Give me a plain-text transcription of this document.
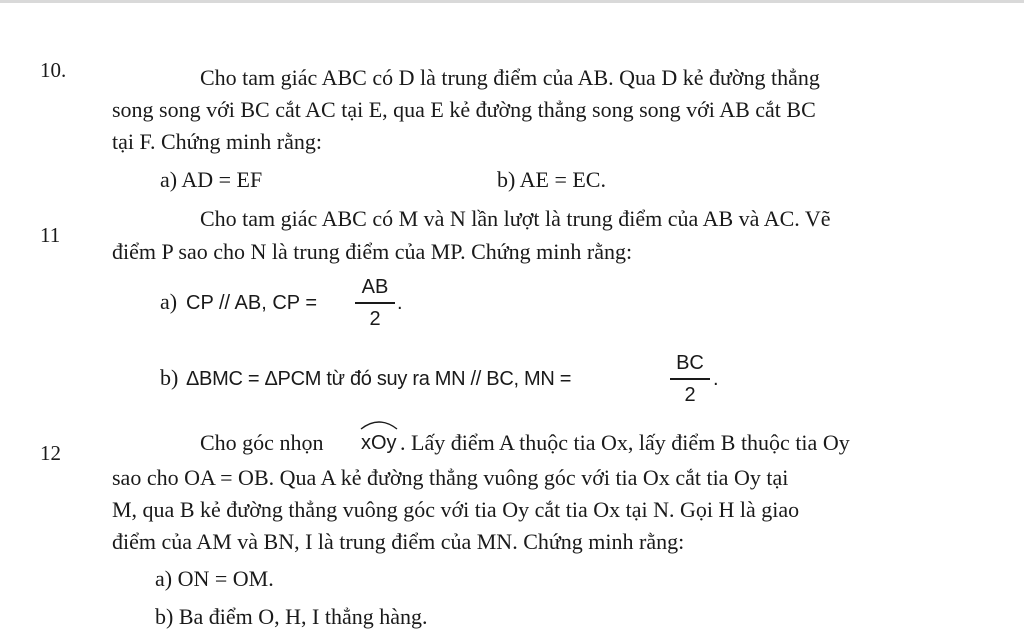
10.	Cho tam giác ABC có D là trung điểm của AB. Qua D kẻ đường thẳng
song song với BC cắt AC tại E, qua E kẻ đường thẳng song song với AB cắt BC
tại F. Chứng minh rằng:
a) AD = EF	b) AE = EC.
11
Cho tam giác ABC có M và N lần lượt là trung điểm của AB và AC. Vẽ
điểm P sao cho N là trung điểm của MP. Chứng minh rằng:
a) CP // AB, CP =
AB
2
.
b) ΔBMC = ΔPCM từ đó suy ra MN // BC, MN =
BC
2
.
12	Cho góc nhọn xOy . Lấy điểm A thuộc tia Ox, lấy điểm B thuộc tia Oy
sao cho OA = OB. Qua A kẻ đường thẳng vuông góc với tia Ox cắt tia Oy tại
M, qua B kẻ đường thẳng vuông góc với tia Oy cắt tia Ox tại N. Gọi H là giao
điểm của AM và BN, I là trung điểm của MN. Chứng minh rằng:
a) ON = OM.
b) Ba điểm O, H, I thẳng hàng.
